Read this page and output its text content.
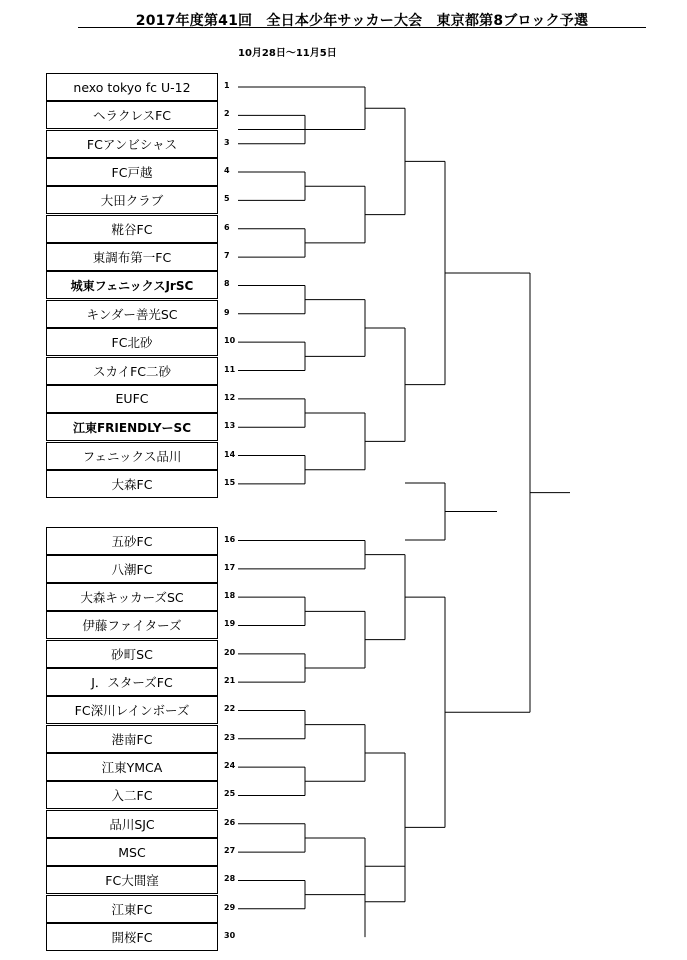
2017年度第41回　全日本少年サッカー大会　東京都第8ブロック予選
10月28日～11月5日
nexo tokyo fc U-12	1
ヘラクレスFC	2
FCアンビシャス	3
FC戸越	4
大田クラブ	5
糀谷FC	6
東調布第一FC	7
城東フェニックスJrSC	8
キンダー善光SC	9
FC北砂	10
スカイFC二砂	11
EUFC	12
江東FRIENDLYーSC	13
フェニックス品川	14
大森FC	15
五砂FC	16
八潮FC	17
大森キッカーズSC	18
伊藤ファイターズ	19
砂町SC	20
J．スターズFC	21
FC深川レインボーズ	22
港南FC	23
江東YMCA	24
入二FC	25
品川SJC	26
MSC	27
FC大間窪	28
江東FC	29
開桜FC	30
